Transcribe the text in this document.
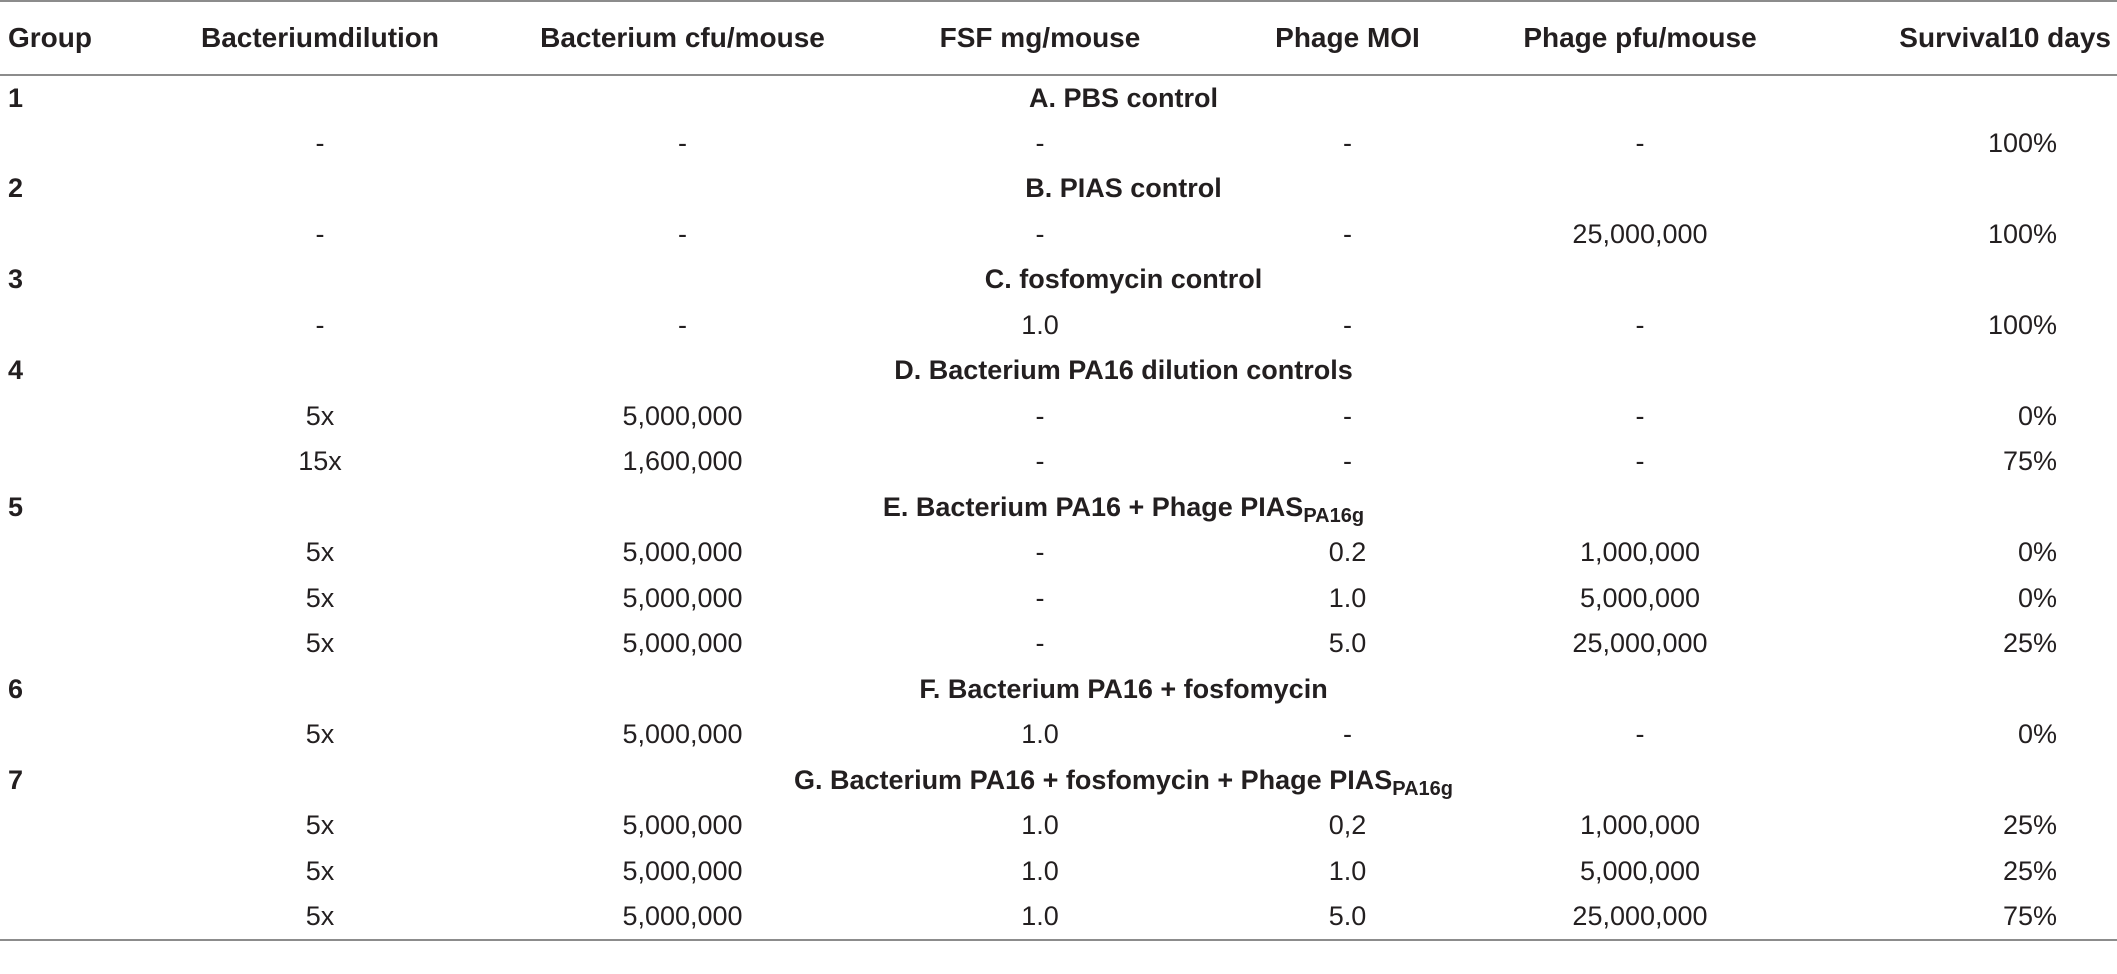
Group	Bacteriumdilution	Bacterium cfu/mouse	FSF mg/mouse	Phage MOI	Phage pfu/mouse	Survival10 days
1	A. PBS control					
	-	-	-	-	-	100%
2	B. PIAS control					
	-	-	-	-	25,000,000	100%
3	C. fosfomycin control					
	-	-	1.0	-	-	100%
4	D. Bacterium PA16 dilution controls					
	5x	5,000,000	-	-	-	0%
	15x	1,600,000	-	-	-	75%
5	E. Bacterium PA16 + Phage $PIAS_{PA16g}$
	5x	5,000,000	-	0.2	1,000,000	0%
	5x	5,000,000	-	1.0	5,000,000	0%
	5x	5,000,000	-	5.0	25,000,000	25%
6	F. Bacterium PA16 + fosfomycin					
	5x	5,000,000	1.0	-	-	0%
7	G. Bacterium PA16 + fosfomycin + Phage $PIAS_{PA16g}$
	5x	5,000,000	1.0	0,2	1,000,000	25%
	5x	5,000,000	1.0	1.0	5,000,000	25%
	5x	5,000,000	1.0	5.0	25,000,000	75%
